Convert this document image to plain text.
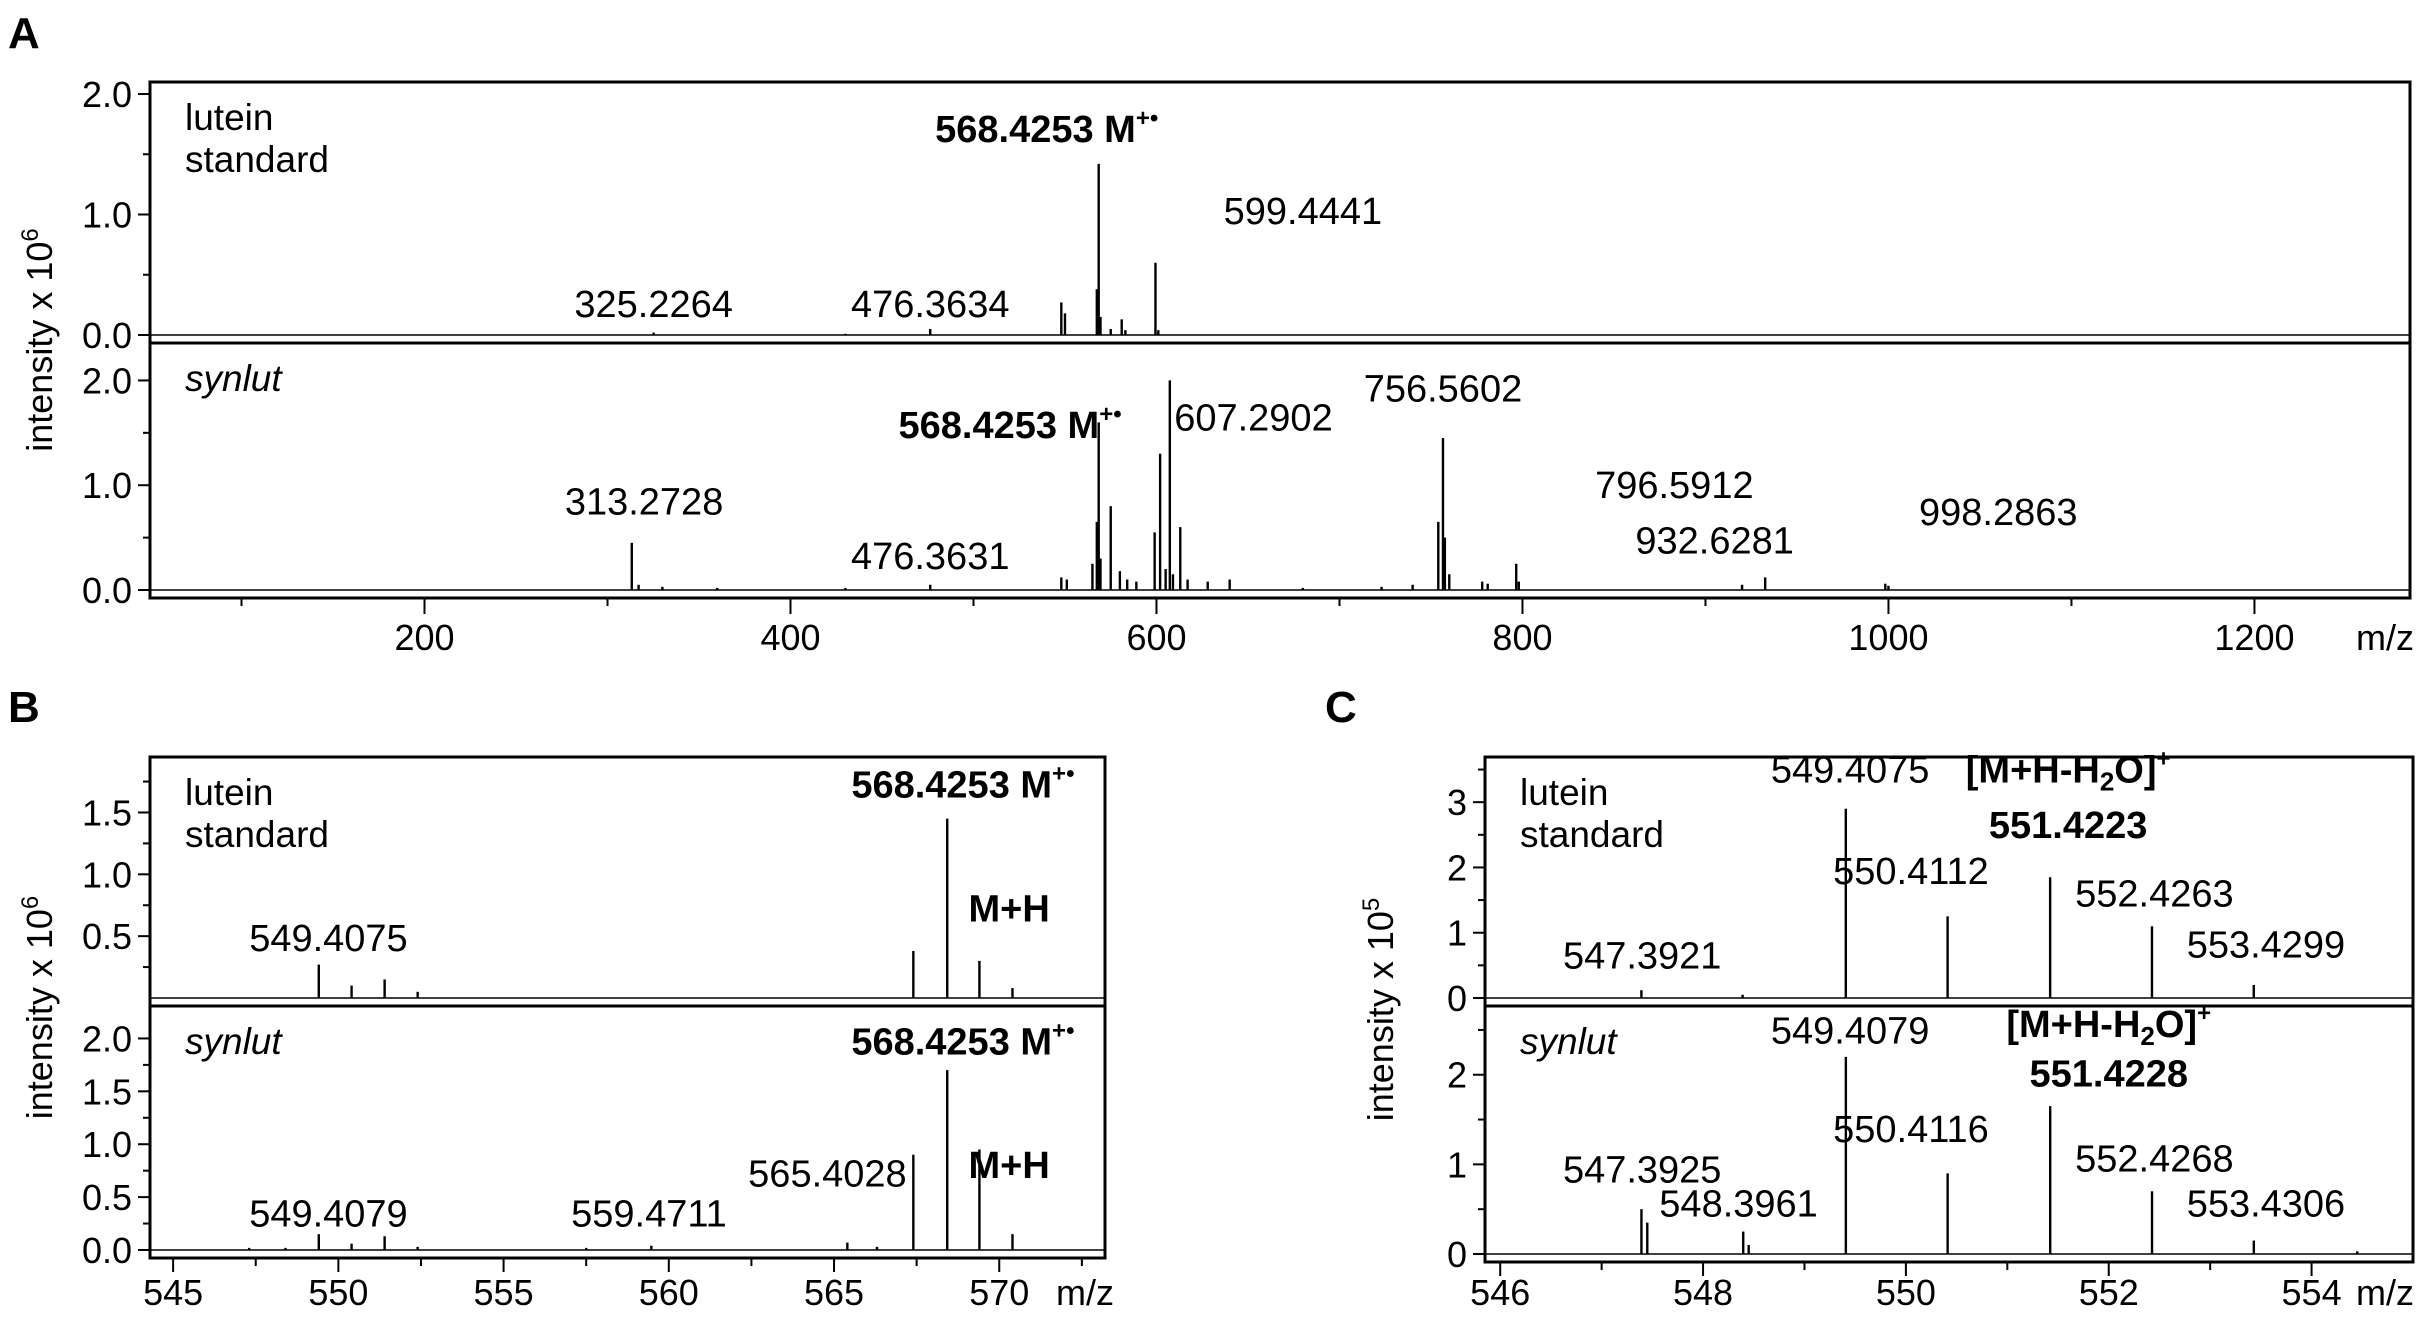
A
0.0
1.0
2.0
lutein
standard
325.2264	476.3634
568.4253 M+•
599.4441
0.0
1.0
2.0 synlut
313.2728
476.3631
568.4253 M+• 607.2902
756.5602
796.5912
932.6281
998.2863
200	400	600	800	1000	1200 m/z
intensity x $10^6$
B
0.5
1.0
1.5 lutein
standard
549.4075
568.4253 M+•
M+H
0.0
0.5
1.0
1.5
2.0 synlut
549.4079	559.4711
565.4028
568.4253 M+•
M+H
545	550	555	560	565	570 m/z
intensity x $10^6$
C
0
1
2
3 lutein
standard
547.3921
549.4075
550.4112
$[M+H-H_2O]^+$
551.4223
552.4263
553.4299
0
1
2
synlut
547.3925
548.3961
549.4079
550.4116
$[M+H-H_2O]^+$
551.4228
552.4268
553.4306
546	548	550	552	554 m/z
intensity x $10^5$
